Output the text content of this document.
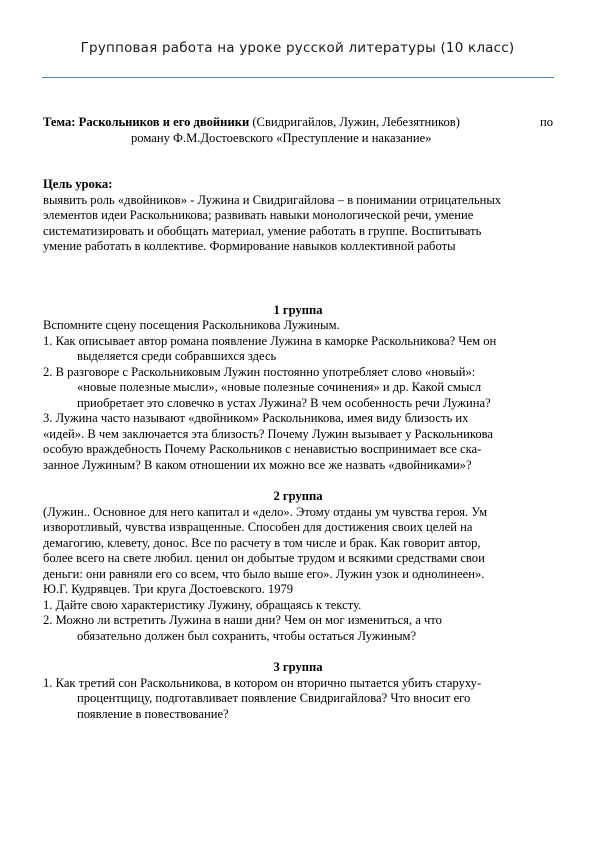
Групповая работа на уроке русской литературы (10 класс)
Тема: Раскольников и его двойники (Свидригайлов, Лужин, Лебезятников)	по

роману Ф.М.Достоевского «Преступление и наказание»

Цель урока:

выявить роль «двойников» - Лужина и Свидригайлова – в понимании отрицательных

элементов идеи Раскольникова; развивать навыки монологической речи, умение

систематизировать и обобщать материал, умение работать в группе. Воспитывать

умение работать в коллективе. Формирование навыков коллективной работы

1 группа

Вспомните сцену посещения Раскольникова Лужиным.

1. Как описывает автор романа появление Лужина в каморке Раскольникова? Чем он
выделяется среди собравшихся здесь
2. В разговоре с Раскольниковым Лужин постоянно употребляет слово «новый»:
«новые полезные мысли», «новые полезные сочинения» и др. Какой смысл
приобретает это словечко в устах Лужина? В чем особенность речи Лужина?

3. Лужина часто называют «двойником» Раскольникова, имея виду близость их

«идей». В чем заключается эта близость? Почему Лужин вызывает у Раскольникова

особую враждебность Почему Раскольников с ненавистью воспринимает все ска-

занное Лужиным? В каком отношении их можно все же назвать «двойниками»?

2 группа

(Лужин.. Основное для него капитал и «дело». Этому отданы ум чувства героя. Ум

изворотливый, чувства извращенные. Способен для достижения своих целей на

демагогию, клевету, донос. Все по расчету в том числе и брак. Как говорит автор,

более всего на свете любил. ценил он добытые трудом и всякими средствами свои

деньги: они равняли его со всем, что было выше его». Лужин узок и однолинеен».

Ю.Г. Кудрявцев. Три круга Достоевского. 1979

1. Дайте свою характеристику Лужину, обращаясь к тексту.

2. Можно ли встретить Лужина в наши дни? Чем он мог измениться, а что
обязательно должен был сохранить, чтобы остаться Лужиным?

3 группа

1. Как третий сон Раскольникова, в котором он вторично пытается убить старуху-
процентщицу, подготавливает появление Свидригайлова? Что вносит его
появление в повествование?
